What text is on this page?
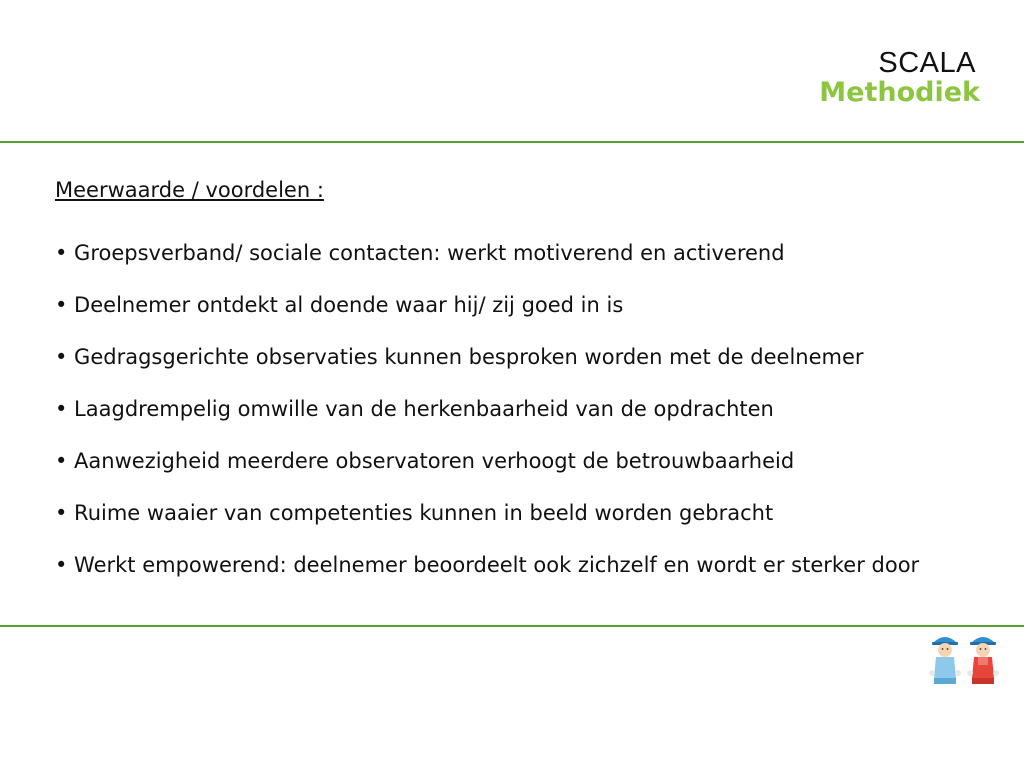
SCALA
Methodiek

Meerwaarde / voordelen :

• Groepsverband/ sociale contacten: werkt motiverend en activerend

• Deelnemer ontdekt al doende waar hij/ zij goed in is

• Gedragsgerichte observaties kunnen besproken worden met de deelnemer

• Laagdrempelig omwille van de herkenbaarheid van de opdrachten

• Aanwezigheid meerdere observatoren verhoogt de betrouwbaarheid

• Ruime waaier van competenties kunnen in beeld worden gebracht

• Werkt empowerend: deelnemer beoordeelt ook zichzelf en wordt er sterker door
